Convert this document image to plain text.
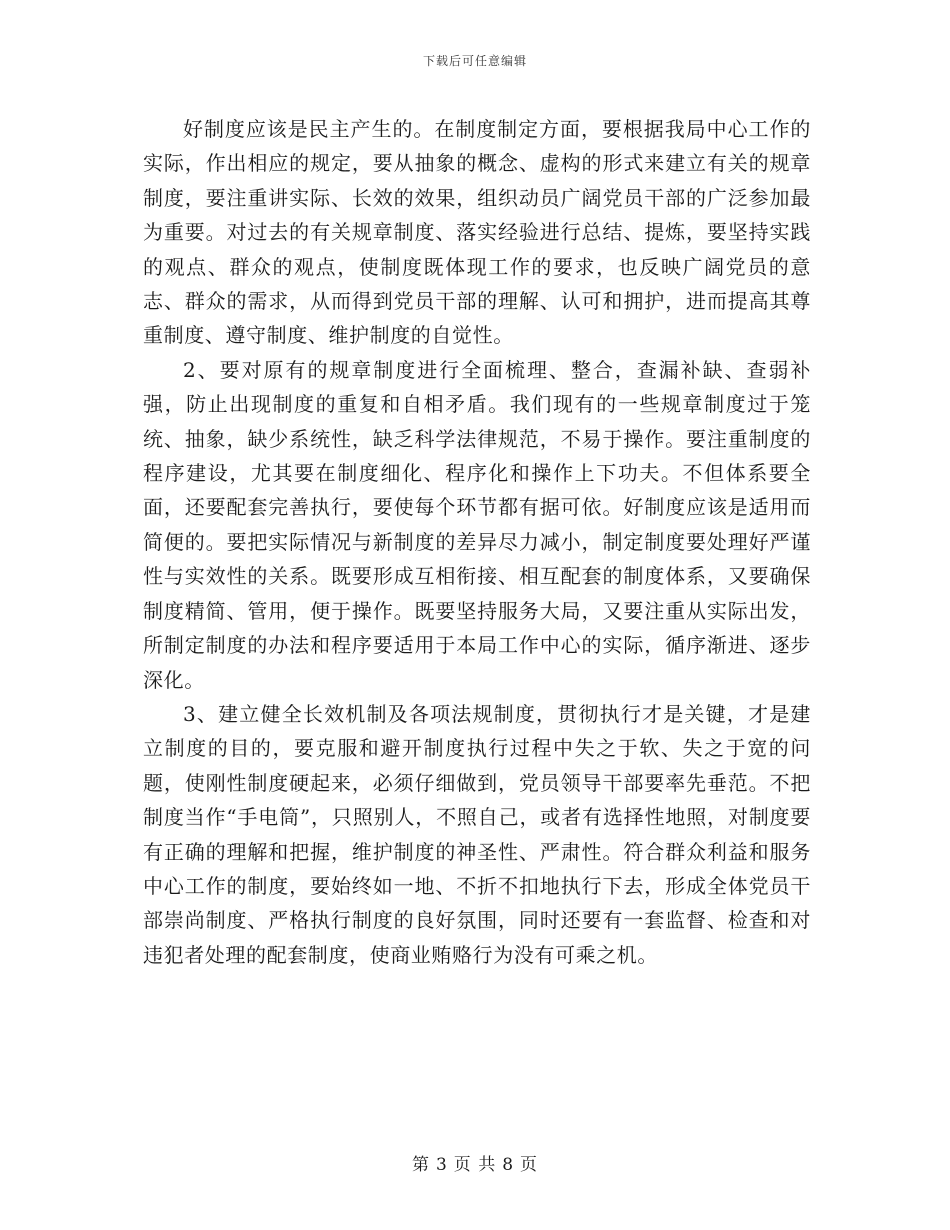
下载后可任意编辑

好制度应该是民主产生的。在制度制定方面，要根据我局中心工作的实际，作出相应的规定，要从抽象的概念、虚构的形式来建立有关的规章制度，要注重讲实际、长效的效果，组织动员广阔党员干部的广泛参加最为重要。对过去的有关规章制度、落实经验进行总结、提炼，要坚持实践的观点、群众的观点，使制度既体现工作的要求，也反映广阔党员的意志、群众的需求，从而得到党员干部的理解、认可和拥护，进而提高其尊重制度、遵守制度、维护制度的自觉性。

2、要对原有的规章制度进行全面梳理、整合，查漏补缺、查弱补强，防止出现制度的重复和自相矛盾。我们现有的一些规章制度过于笼统、抽象，缺少系统性，缺乏科学法律规范，不易于操作。要注重制度的程序建设，尤其要在制度细化、程序化和操作上下功夫。不但体系要全面，还要配套完善执行，要使每个环节都有据可依。好制度应该是适用而简便的。要把实际情况与新制度的差异尽力减小，制定制度要处理好严谨性与实效性的关系。既要形成互相衔接、相互配套的制度体系，又要确保制度精简、管用，便于操作。既要坚持服务大局，又要注重从实际出发，所制定制度的办法和程序要适用于本局工作中心的实际，循序渐进、逐步深化。

3、建立健全长效机制及各项法规制度，贯彻执行才是关键，才是建立制度的目的，要克服和避开制度执行过程中失之于软、失之于宽的问题，使刚性制度硬起来，必须仔细做到，党员领导干部要率先垂范。不把制度当作“手电筒”，只照别人，不照自己，或者有选择性地照，对制度要有正确的理解和把握，维护制度的神圣性、严肃性。符合群众利益和服务中心工作的制度，要始终如一地、不折不扣地执行下去，形成全体党员干部崇尚制度、严格执行制度的良好氛围，同时还要有一套监督、检查和对违犯者处理的配套制度，使商业贿赂行为没有可乘之机。

第 3 页 共 8 页
